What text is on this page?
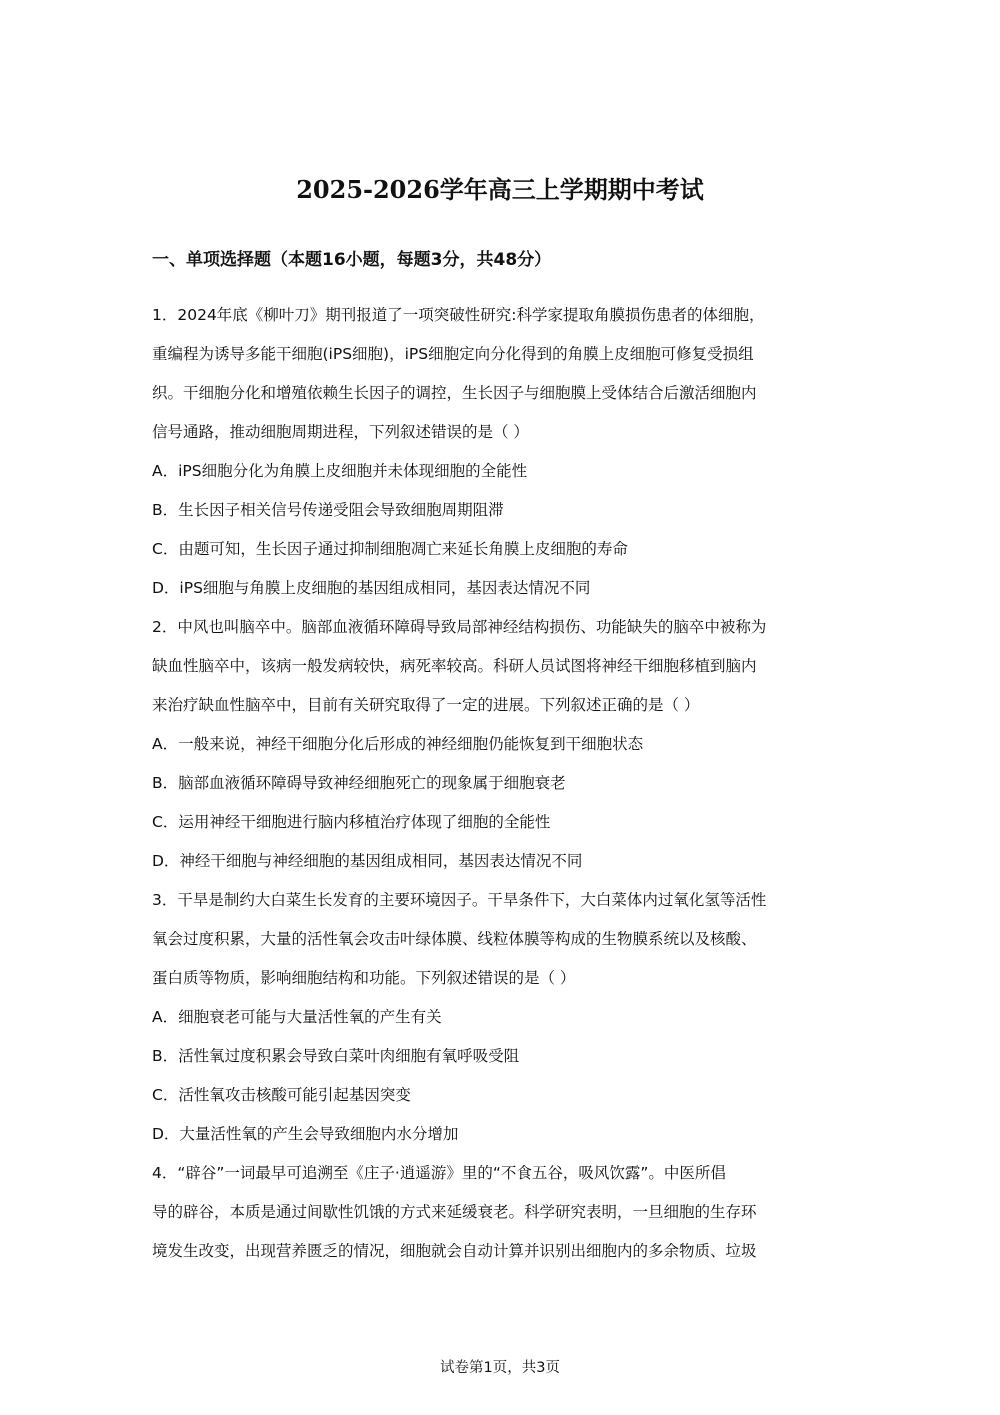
2025-2026学年高三上学期期中考试
一、单项选择题（本题16小题，每题3分，共48分）
1．2024年底《柳叶刀》期刊报道了一项突破性研究:科学家提取角膜损伤患者的体细胞，
重编程为诱导多能干细胞(iPS细胞)，iPS细胞定向分化得到的角膜上皮细胞可修复受损组
织。干细胞分化和增殖依赖生长因子的调控，生长因子与细胞膜上受体结合后激活细胞内
信号通路，推动细胞周期进程，下列叙述错误的是（ ）
A．iPS细胞分化为角膜上皮细胞并未体现细胞的全能性
B．生长因子相关信号传递受阻会导致细胞周期阻滞
C．由题可知，生长因子通过抑制细胞凋亡来延长角膜上皮细胞的寿命
D．iPS细胞与角膜上皮细胞的基因组成相同，基因表达情况不同
2．中风也叫脑卒中。脑部血液循环障碍导致局部神经结构损伤、功能缺失的脑卒中被称为
缺血性脑卒中，该病一般发病较快，病死率较高。科研人员试图将神经干细胞移植到脑内
来治疗缺血性脑卒中，目前有关研究取得了一定的进展。下列叙述正确的是（ ）
A．一般来说，神经干细胞分化后形成的神经细胞仍能恢复到干细胞状态
B．脑部血液循环障碍导致神经细胞死亡的现象属于细胞衰老
C．运用神经干细胞进行脑内移植治疗体现了细胞的全能性
D．神经干细胞与神经细胞的基因组成相同，基因表达情况不同
3．干旱是制约大白菜生长发育的主要环境因子。干旱条件下，大白菜体内过氧化氢等活性
氧会过度积累，大量的活性氧会攻击叶绿体膜、线粒体膜等构成的生物膜系统以及核酸、
蛋白质等物质，影响细胞结构和功能。下列叙述错误的是（ ）
A．细胞衰老可能与大量活性氧的产生有关
B．活性氧过度积累会导致白菜叶肉细胞有氧呼吸受阻
C．活性氧攻击核酸可能引起基因突变
D．大量活性氧的产生会导致细胞内水分增加
4．“辟谷”一词最早可追溯至《庄子·逍遥游》里的“不食五谷，吸风饮露”。中医所倡
导的辟谷，本质是通过间歇性饥饿的方式来延缓衰老。科学研究表明，一旦细胞的生存环
境发生改变，出现营养匮乏的情况，细胞就会自动计算并识别出细胞内的多余物质、垃圾
试卷第1页，共3页
